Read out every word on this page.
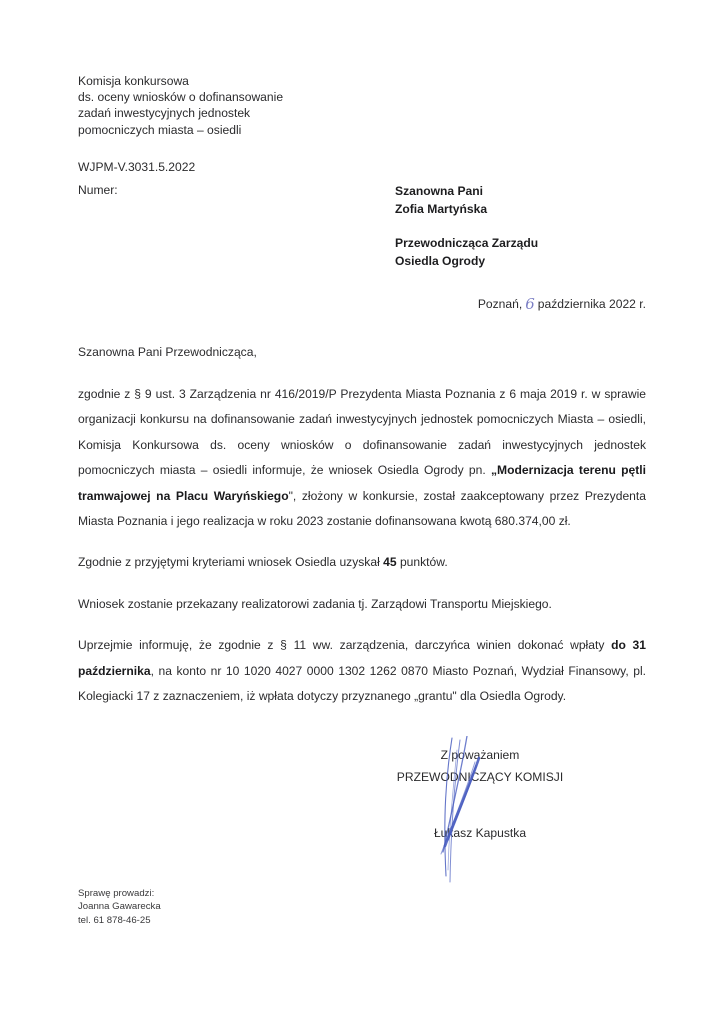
Komisja konkursowa
ds. oceny wniosków o dofinansowanie
zadań inwestycyjnych jednostek
pomocniczych miasta – osiedli
WJPM-V.3031.5.2022
Numer:	Szanowna Pani
Zofia Martyńska
Przewodnicząca Zarządu
Osiedla Ogrody
Poznań, 6 października 2022 r.
Szanowna Pani Przewodnicząca,

zgodnie z § 9 ust. 3 Zarządzenia nr 416/2019/P Prezydenta Miasta Poznania z 6 maja 2019 r. w sprawie organizacji konkursu na dofinansowanie zadań inwestycyjnych jednostek pomocniczych Miasta – osiedli, Komisja Konkursowa ds. oceny wniosków o dofinansowanie zadań inwestycyjnych jednostek pomocniczych miasta – osiedli informuje, że wniosek Osiedla Ogrody pn. „Modernizacja terenu pętli tramwajowej na Placu Waryńskiego", złożony w konkursie, został zaakceptowany przez Prezydenta Miasta Poznania i jego realizacja w roku 2023 zostanie dofinansowana kwotą 680.374,00 zł.

Zgodnie z przyjętymi kryteriami wniosek Osiedla uzyskał 45 punktów.

Wniosek zostanie przekazany realizatorowi zadania tj. Zarządowi Transportu Miejskiego.

Uprzejmie informuję, że zgodnie z § 11 ww. zarządzenia, darczyńca winien dokonać wpłaty do 31 października, na konto nr 10 1020 4027 0000 1302 1262 0870 Miasto Poznań, Wydział Finansowy, pl. Kolegiacki 17 z zaznaczeniem, iż wpłata dotyczy przyznanego „grantu" dla Osiedla Ogrody.

Z poważaniem
PRZEWODNICZĄCY KOMISJI
Łukasz Kapustka
Sprawę prowadzi:
Joanna Gawarecka
tel. 61 878-46-25
